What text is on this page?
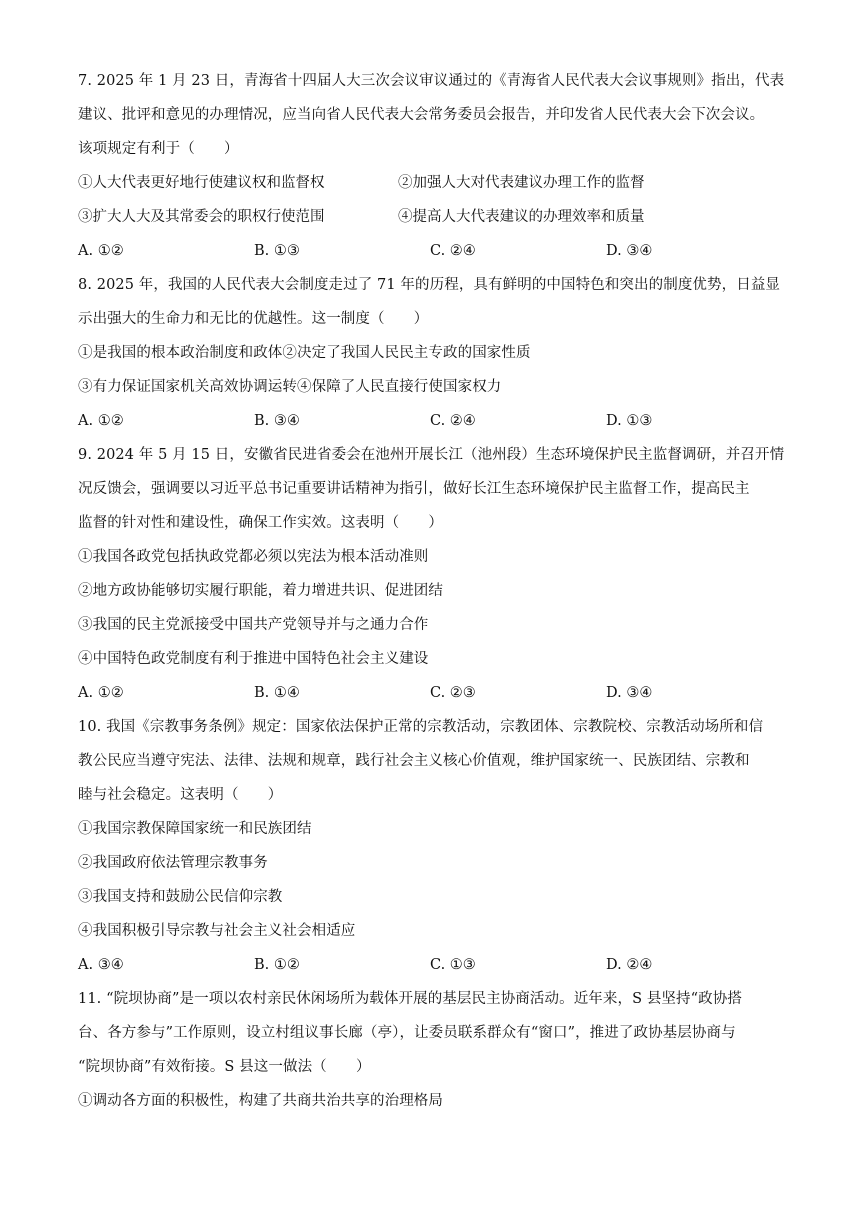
7. 2025 年 1 月 23 日，青海省十四届人大三次会议审议通过的《青海省人民代表大会议事规则》指出，代表
建议、批评和意见的办理情况，应当向省人民代表大会常务委员会报告，并印发省人民代表大会下次会议。
该项规定有利于（　　）
①人大代表更好地行使建议权和监督权	②加强人大对代表建议办理工作的监督
③扩大人大及其常委会的职权行使范围	④提高人大代表建议的办理效率和质量
A. ①②	B. ①③	C. ②④	D. ③④
8. 2025 年，我国的人民代表大会制度走过了 71 年的历程，具有鲜明的中国特色和突出的制度优势，日益显
示出强大的生命力和无比的优越性。这一制度（　　）
①是我国的根本政治制度和政体②决定了我国人民民主专政的国家性质
③有力保证国家机关高效协调运转④保障了人民直接行使国家权力
A. ①②	B. ③④	C. ②④	D. ①③
9. 2024 年 5 月 15 日，安徽省民进省委会在池州开展长江（池州段）生态环境保护民主监督调研，并召开情
况反馈会，强调要以习近平总书记重要讲话精神为指引，做好长江生态环境保护民主监督工作，提高民主
监督的针对性和建设性，确保工作实效。这表明（　　）
①我国各政党包括执政党都必须以宪法为根本活动准则
②地方政协能够切实履行职能，着力增进共识、促进团结
③我国的民主党派接受中国共产党领导并与之通力合作
④中国特色政党制度有利于推进中国特色社会主义建设
A. ①②	B. ①④	C. ②③	D. ③④
10. 我国《宗教事务条例》规定：国家依法保护正常的宗教活动，宗教团体、宗教院校、宗教活动场所和信
教公民应当遵守宪法、法律、法规和规章，践行社会主义核心价值观，维护国家统一、民族团结、宗教和
睦与社会稳定。这表明（　　）
①我国宗教保障国家统一和民族团结
②我国政府依法管理宗教事务
③我国支持和鼓励公民信仰宗教
④我国积极引导宗教与社会主义社会相适应
A. ③④	B. ①②	C. ①③	D. ②④
11. “院坝协商”是一项以农村亲民休闲场所为载体开展的基层民主协商活动。近年来，S 县坚持“政协搭
台、各方参与”工作原则，设立村组议事长廊（亭），让委员联系群众有“窗口”，推进了政协基层协商与
“院坝协商”有效衔接。S 县这一做法（　　）
①调动各方面的积极性，构建了共商共治共享的治理格局
